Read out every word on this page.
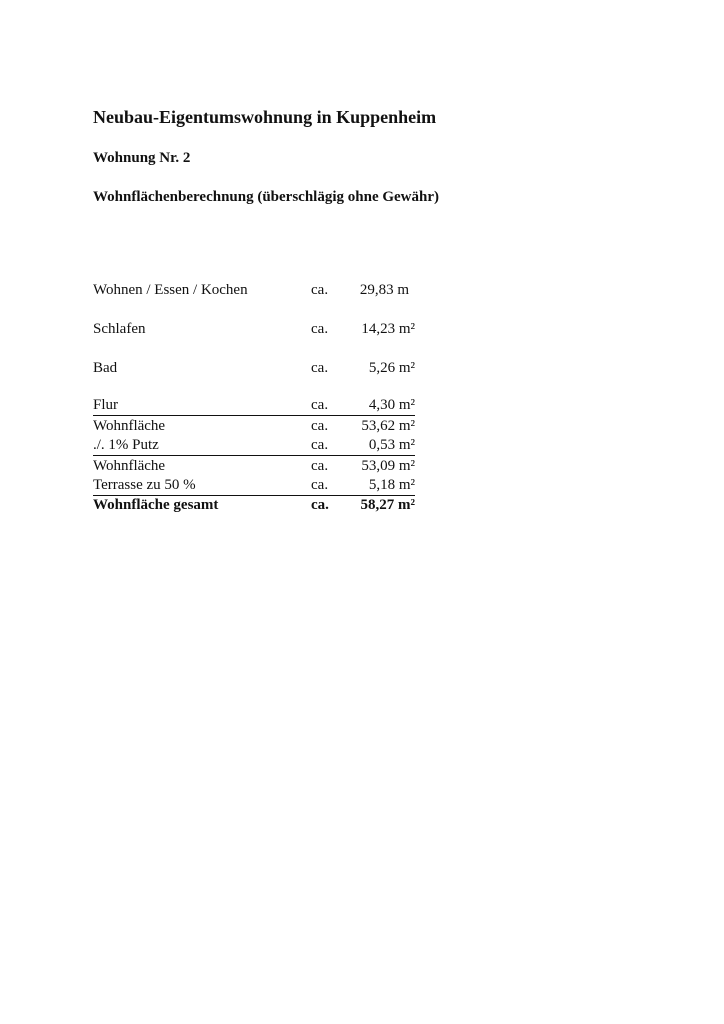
Neubau-Eigentumswohnung in Kuppenheim
Wohnung Nr. 2
Wohnflächenberechnung (überschlägig ohne Gewähr)
Wohnen / Essen / Kochen	ca. 29,83 m
Schlafen	ca. 14,23 m²
Bad	ca.	5,26 m²
Flur	ca.	4,30 m²
Wohnfläche	ca. 53,62 m²
./. 1% Putz	ca.	0,53 m²
Wohnfläche	ca. 53,09 m²
Terrasse zu 50 %	ca.	5,18 m²
Wohnfläche gesamt	ca. 58,27 m²
